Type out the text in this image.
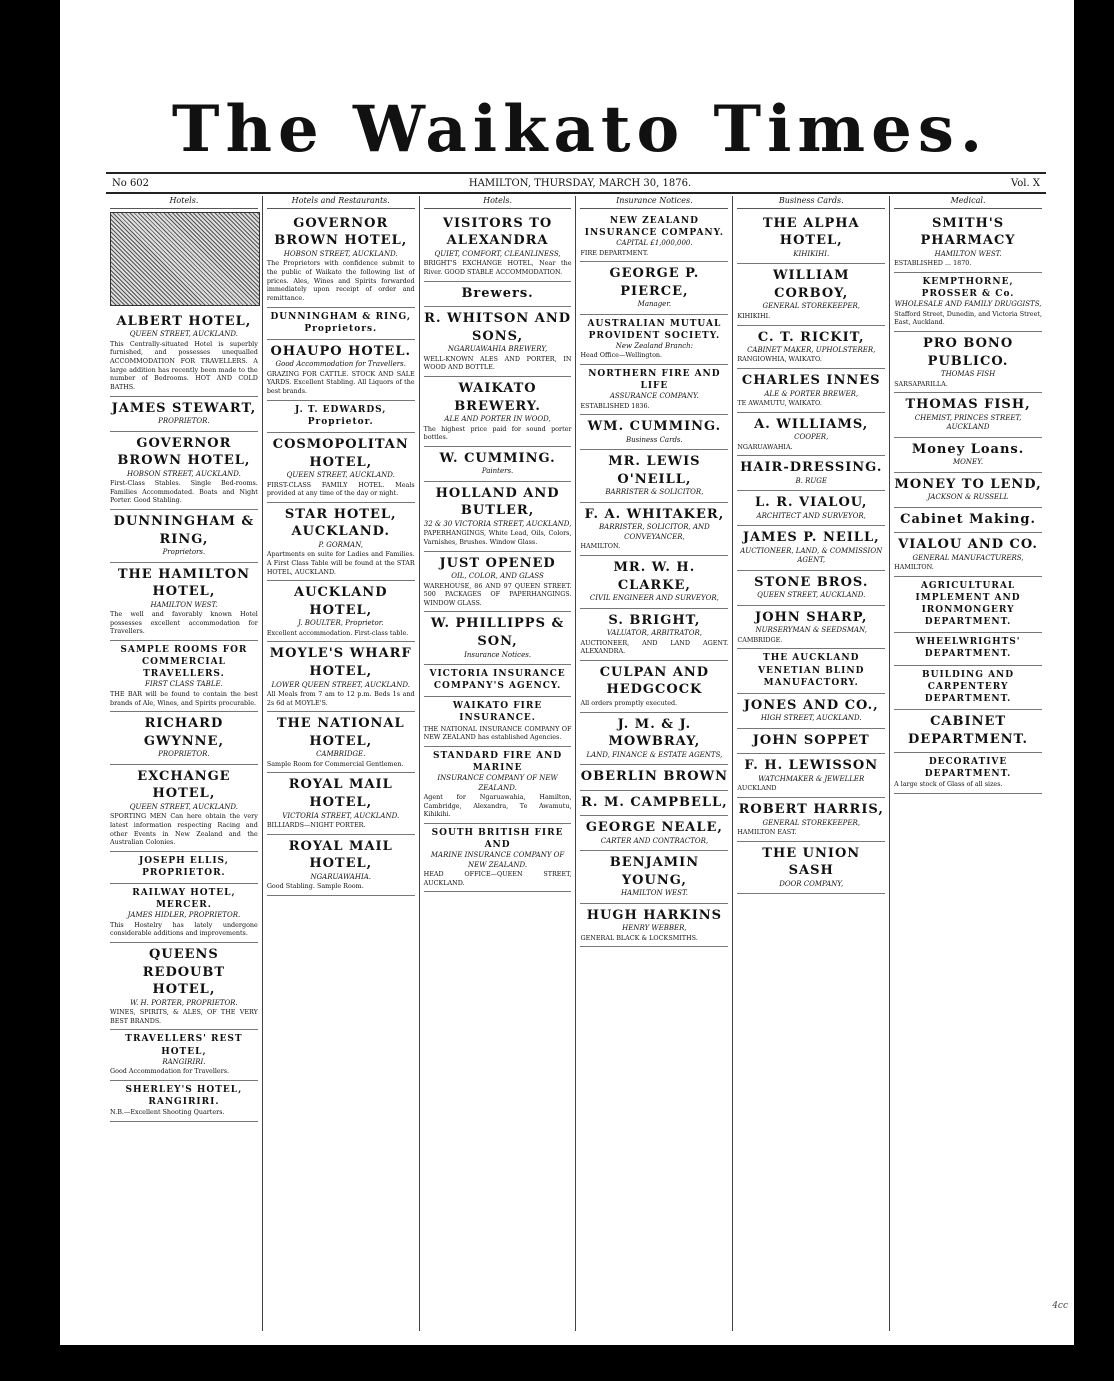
The Waikato Times.
No 602	HAMILTON, THURSDAY, MARCH 30, 1876.	Vol. X
Hotels.
ALBERT HOTEL,
QUEEN STREET, AUCKLAND.
This Centrally-situated Hotel is superbly furnished, and possesses unequalled ACCOMMODATION FOR TRAVELLERS. A large addition has recently been made to the number of Bedrooms. HOT AND COLD BATHS.
JAMES STEWART,
PROPRIETOR.
GOVERNOR BROWN HOTEL,
HOBSON STREET, AUCKLAND.
First-Class Stables. Single Bed-rooms. Families Accommodated. Boats and Night Porter. Good Stabling.
DUNNINGHAM & RING,
Proprietors.
THE HAMILTON HOTEL,
HAMILTON WEST.
The well and favorably known Hotel possesses excellent accommodation for Travellers.
SAMPLE ROOMS FOR COMMERCIAL TRAVELLERS.
FIRST CLASS TABLE.
THE BAR will be found to contain the best brands of Ale, Wines, and Spirits procurable.
RICHARD GWYNNE,
PROPRIETOR.
EXCHANGE HOTEL,
QUEEN STREET, AUCKLAND.
SPORTING MEN Can here obtain the very latest information respecting Racing and other Events in New Zealand and the Australian Colonies.
JOSEPH ELLIS, PROPRIETOR.
RAILWAY HOTEL, MERCER.
JAMES HIDLER, PROPRIETOR.
This Hostelry has lately undergone considerable additions and improvements.
QUEENS REDOUBT HOTEL,
W. H. PORTER, PROPRIETOR.
WINES, SPIRITS, & ALES, OF THE VERY BEST BRANDS.
TRAVELLERS' REST HOTEL,
RANGIRIRI.
Good Accommodation for Travellers.
SHERLEY'S HOTEL, RANGIRIRI.
N.B.—Excellent Shooting Quarters.
Hotels and Restaurants.
GOVERNOR BROWN HOTEL,
HOBSON STREET, AUCKLAND.
The Proprietors with confidence submit to the public of Waikato the following list of prices. Ales, Wines and Spirits forwarded immediately upon receipt of order and remittance.
DUNNINGHAM & RING, Proprietors.
OHAUPO HOTEL.
Good Accommodation for Travellers.
GRAZING FOR CATTLE. STOCK AND SALE YARDS. Excellent Stabling. All Liquors of the best brands.
J. T. EDWARDS, Proprietor.
COSMOPOLITAN HOTEL,
QUEEN STREET, AUCKLAND.
FIRST-CLASS FAMILY HOTEL. Meals provided at any time of the day or night.
STAR HOTEL, AUCKLAND.
P. GORMAN,
Apartments en suite for Ladies and Families. A First Class Table will be found at the STAR HOTEL, AUCKLAND.
AUCKLAND HOTEL,
J. BOULTER, Proprietor.
Excellent accommodation. First-class table.
MOYLE'S WHARF HOTEL,
LOWER QUEEN STREET, AUCKLAND.
All Meals from 7 am to 12 p.m. Beds 1s and 2s 6d at MOYLE'S.
THE NATIONAL HOTEL,
CAMBRIDGE.
Sample Room for Commercial Gentlemen.
ROYAL MAIL HOTEL,
VICTORIA STREET, AUCKLAND.
BILLIARDS—NIGHT PORTER.
ROYAL MAIL HOTEL,
NGARUAWAHIA.
Good Stabling. Sample Room.
Hotels.
VISITORS TO ALEXANDRA
QUIET, COMFORT, CLEANLINESS,
BRIGHT'S EXCHANGE HOTEL, Near the River. GOOD STABLE ACCOMMODATION.
Brewers.
R. WHITSON AND SONS,
NGARUAWAHIA BREWERY,
WELL-KNOWN ALES AND PORTER, IN WOOD AND BOTTLE.
WAIKATO BREWERY.
ALE AND PORTER IN WOOD,
The highest price paid for sound porter bottles.
W. CUMMING.
Painters.
HOLLAND AND BUTLER,
32 & 30 VICTORIA STREET, AUCKLAND,
PAPERHANGINGS, White Lead, Oils, Colors, Varnishes, Brushes. Window Glass.
JUST OPENED
OIL, COLOR, AND GLASS
WAREHOUSE, 86 AND 97 QUEEN STREET. 500 PACKAGES OF PAPERHANGINGS. WINDOW GLASS.
W. PHILLIPPS & SON,
Insurance Notices.
VICTORIA INSURANCE COMPANY'S AGENCY.
WAIKATO FIRE INSURANCE.
THE NATIONAL INSURANCE COMPANY OF NEW ZEALAND has established Agencies.
STANDARD FIRE AND MARINE
INSURANCE COMPANY OF NEW ZEALAND.
Agent for Ngaruawahia, Hamilton, Cambridge, Alexandra, Te Awamutu, Kihikihi.
SOUTH BRITISH FIRE AND
MARINE INSURANCE COMPANY OF NEW ZEALAND.
HEAD OFFICE—QUEEN STREET, AUCKLAND.
Insurance Notices.
NEW ZEALAND INSURANCE COMPANY.
CAPITAL £1,000,000.
FIRE DEPARTMENT.
GEORGE P. PIERCE,
Manager.
AUSTRALIAN MUTUAL PROVIDENT SOCIETY.
New Zealand Branch:
Head Office—Wellington.
NORTHERN FIRE AND LIFE
ASSURANCE COMPANY.
ESTABLISHED 1836.
WM. CUMMING.
Business Cards.
MR. LEWIS O'NEILL,
BARRISTER & SOLICITOR,
F. A. WHITAKER,
BARRISTER, SOLICITOR, AND CONVEYANCER,
HAMILTON.
MR. W. H. CLARKE,
CIVIL ENGINEER AND SURVEYOR,
S. BRIGHT,
VALUATOR, ARBITRATOR,
AUCTIONEER, AND LAND AGENT. ALEXANDRA.
CULPAN AND HEDGCOCK
All orders promptly executed.
J. M. & J. MOWBRAY,
LAND, FINANCE & ESTATE AGENTS,
OBERLIN BROWN
R. M. CAMPBELL,
GEORGE NEALE,
CARTER AND CONTRACTOR,
BENJAMIN YOUNG,
HAMILTON WEST.
HUGH HARKINS
HENRY WEBBER,
GENERAL BLACK & LOCKSMITHS.
Business Cards.
THE ALPHA HOTEL,
KIHIKIHI.
WILLIAM CORBOY,
GENERAL STOREKEEPER,
KIHIKIHI.
C. T. RICKIT,
CABINET MAKER, UPHOLSTERER,
RANGIOWHIA, WAIKATO.
CHARLES INNES
ALE & PORTER BREWER,
TE AWAMUTU, WAIKATO.
A. WILLIAMS,
COOPER,
NGARUAWAHIA.
HAIR-DRESSING.
B. RUGE
L. R. VIALOU,
ARCHITECT AND SURVEYOR,
JAMES P. NEILL,
AUCTIONEER, LAND, & COMMISSION AGENT,
STONE BROS.
QUEEN STREET, AUCKLAND.
JOHN SHARP,
NURSERYMAN & SEEDSMAN,
CAMBRIDGE.
THE AUCKLAND VENETIAN BLIND MANUFACTORY.
JONES AND CO.,
HIGH STREET, AUCKLAND.
JOHN SOPPET
F. H. LEWISSON
WATCHMAKER & JEWELLER
AUCKLAND
ROBERT HARRIS,
GENERAL STOREKEEPER,
HAMILTON EAST.
THE UNION SASH
DOOR COMPANY,
Medical.
SMITH'S PHARMACY
HAMILTON WEST.
ESTABLISHED ... 1870.
KEMPTHORNE, PROSSER & Co.
WHOLESALE AND FAMILY DRUGGISTS,
Stafford Street, Dunedin, and Victoria Street, East, Auckland.
PRO BONO PUBLICO.
THOMAS FISH
SARSAPARILLA.
THOMAS FISH,
CHEMIST, PRINCES STREET, AUCKLAND
Money Loans.
MONEY.
MONEY TO LEND,
JACKSON & RUSSELL
Cabinet Making.
VIALOU AND CO.
GENERAL MANUFACTURERS,
HAMILTON.
AGRICULTURAL IMPLEMENT AND IRONMONGERY DEPARTMENT.
WHEELWRIGHTS' DEPARTMENT.
BUILDING AND CARPENTERY DEPARTMENT.
CABINET DEPARTMENT.
DECORATIVE DEPARTMENT.
A large stock of Glass of all sizes.
4cc
